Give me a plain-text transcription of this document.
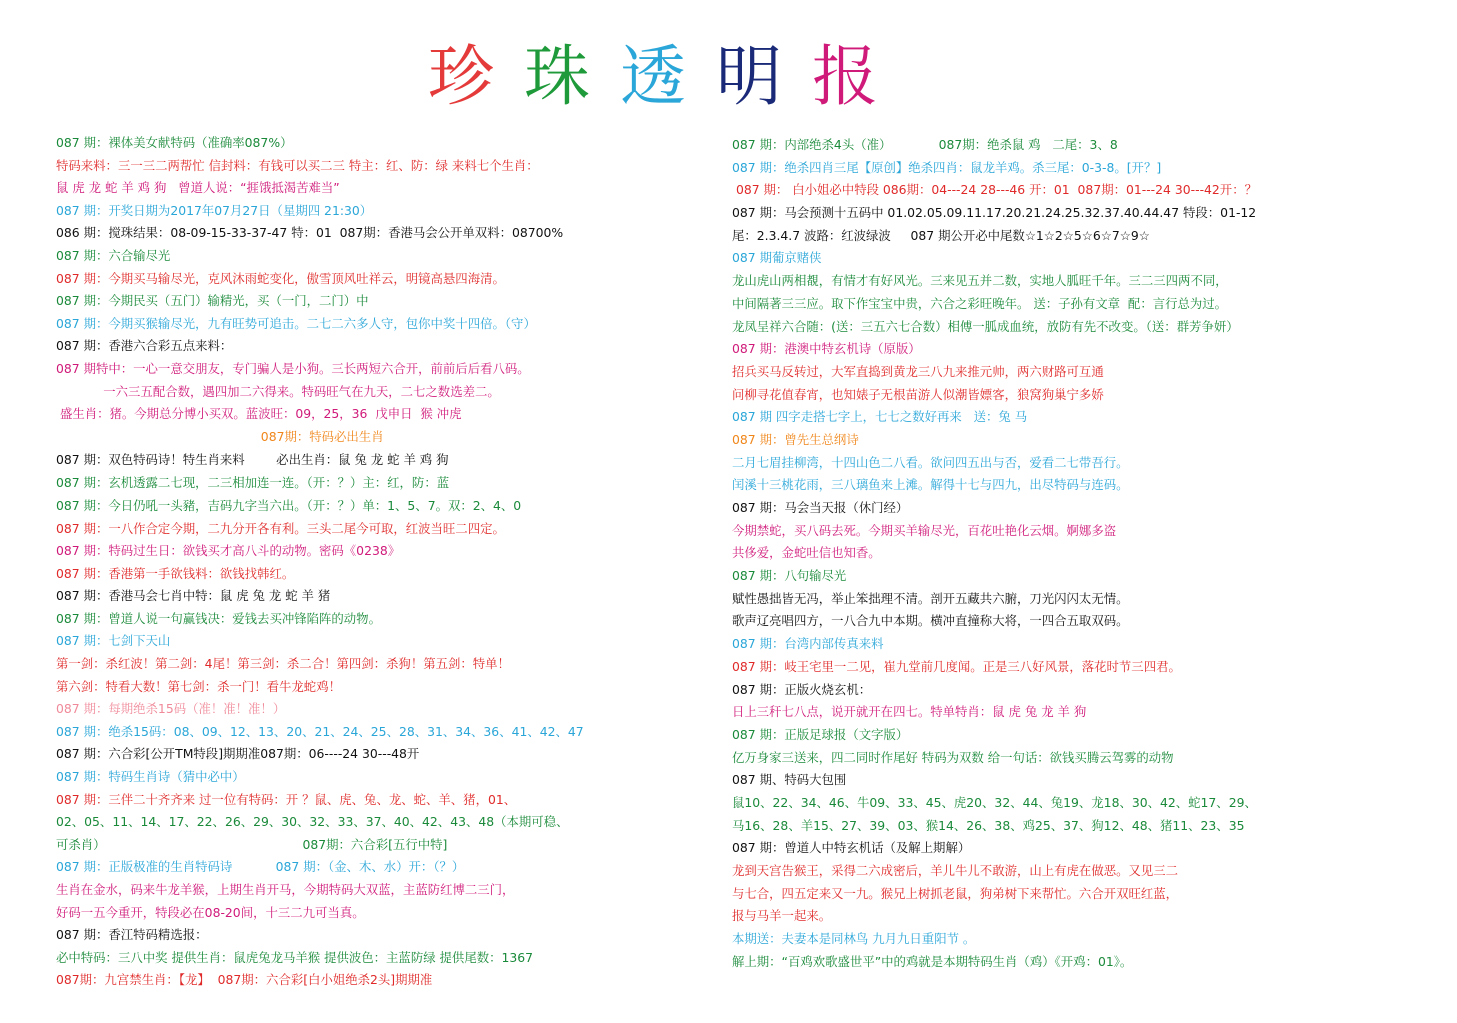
珍 珠 透 明 报
087 期：裸体美女献特码（准确率087%）
特码来料：三一三二两帮忙 信封料：有钱可以买二三 特主：红、防：绿 来料七个生肖：
鼠 虎 龙 蛇 羊 鸡 狗   曾道人说：“捱饿抵渴苦难当”
087 期：开奖日期为2017年07月27日（星期四 21:30）
086 期：搅珠结果：08-09-15-33-37-47 特：01  087期：香港马会公开单双料：08700%
087 期：六合输尽光
087 期：今期买马输尽光，克风沐雨蛇变化，傲雪顶风吐祥云，明镜高悬四海清。
087 期：今期民买（五门）输精光，买（一门，二门）中
087 期：今期买猴输尽光，九有旺势可追击。二七二六多人守，包你中奖十四倍。（守）
087 期：香港六合彩五点来料：
087 期特中：一心一意交朋友，专门骗人是小狗。三长两短六合开，前前后后看八码。
一六三五配合数，遇四加二六得来。特码旺气在九天，二七之数选差二。
盛生肖：猪。今期总分博小买双。蓝波旺：09，25，36  戊申日  猴 冲虎
087期：特码必出生肖
087 期：双色特码诗！特生肖来料        必出生肖：鼠 兔 龙 蛇 羊 鸡 狗
087 期：玄机透露二七现，二三相加连一连。（开：？）主：红，防：蓝
087 期：今日仍吼一头豬，吉码九字当六出。（开：？）单：1、5、7。双：2、4、0
087 期：一八作合定今期，二九分开各有利。三头二尾今可取，红波当旺二四定。
087 期：特码过生日：欲钱买才高八斗的动物。密码《0238》
087 期：香港第一手欲钱料：欲钱找韩红。
087 期：香港马会七肖中特：鼠 虎 兔 龙 蛇 羊 猪
087 期：曾道人说一句赢钱决：爱钱去买冲锋陷阵的动物。
087 期：七剑下天山
第一剑：杀红波！第二剑：4尾！第三剑：杀二合！第四剑：杀狗！第五剑：特单！
第六剑：特看大数！第七剑：杀一门！看牛龙蛇鸡！
087 期：每期绝杀15码（准！准！准！）
087 期：绝杀15码：08、09、12、13、20、21、24、25、28、31、34、36、41、42、47
087 期：六合彩[公开TM特段]期期准087期：06----24 30---48开
087 期：特码生肖诗（猜中必中）
087 期：三伴二十齐齐来 过一位有特码：开 ？鼠、虎、兔、龙、蛇、羊、猪，01、
02、05、11、14、17、22、26、29、30、32、33、37、40、42、43、48（本期可稳、
可杀肖）                                                  087期：六合彩[五行中特]
087 期：正版极准的生肖特码诗           087 期：（金、木、水）开：（？）
生肖在金水，码来牛龙羊猴，上期生肖开马，今期特码大双蓝，主蓝防红博二三门，
好码一五今重开，特段必在08-20间，十三二九可当真。
087 期：香江特码精选报：
必中特码：三八中奖 提供生肖：鼠虎兔龙马羊猴 提供波色：主蓝防绿 提供尾数：1367
087期：九宫禁生肖：【龙】  087期：六合彩[白小姐绝杀2头]期期准
087 期：内部绝杀4头（准）            087期：绝杀鼠 鸡   二尾：3、8
087 期：绝杀四肖三尾【原创】绝杀四肖：鼠龙羊鸡。杀三尾：0-3-8。[开？]
087 期： 白小姐必中特段 086期：04---24 28---46 开：01  087期：01---24 30---42开：？
087 期：马会预测十五码中 01.02.05.09.11.17.20.21.24.25.32.37.40.44.47 特段：01-12
尾：2.3.4.7 波路：红波绿波     087 期公开必中尾数☆1☆2☆5☆6☆7☆9☆
087 期葡京赌侠
龙山虎山两相覩，有情才有好风光。三来见五并二数，实地人胍旺千年。三二三四两不同，
中间隔著三三应。取下作宝宝中贵，六合之彩旺晚年。 送：子孙有文章  配：言行总为过。
龙凤呈祥六合随：(送：三五六七合数）相傅一胍成血统，放防有先不改变。（送：群芳争妍）
087 期：港澳中特玄机诗（原版）
招兵买马反转过，大军直捣到黄龙三八九来推元帅，两六财路可互通
问柳寻花值春宵，也知婊子无根苗游人似潮皆嫖客，狼窝狗巢宁多娇
087 期 四字走搭七字上，七七之数好再来   送：兔 马
087 期：曾先生总纲诗
二月七眉挂柳湾，十四山色二八看。欲问四五出与否，爱看二七带吾行。
闰溪十三桃花雨，三八璃鱼来上滩。解得十七与四九，出尽特码与连码。
087 期：马会当天报（休门经）
今期禁蛇，买八码去死。今期买羊输尽光，百花吐艳化云烟。婀娜多盗
共侈爱，金蛇吐信也知香。
087 期：八句输尽光
赋性愚拙皆无冯，举止笨拙理不清。剖开五藏共六腑，刀光闪闪太无情。
歌声辽亮唱四方，一八合九中本期。横冲直撞称大将，一四合五取双码。
087 期：台湾内部传真来料
087 期：岐王宅里一二见，崔九堂前几度闻。正是三八好风景，落花时节三四君。
087 期：正版火烧玄机：
日上三秆七八点，说开就开在四七。特单特肖：鼠 虎 兔 龙 羊 狗
087 期：正版足球报（文字版）
亿万身家三送来，四二同时作尾好 特码为双数 给一句话：欲钱买腾云驾雾的动物
087 期、特码大包围
鼠10、22、34、46、牛09、33、45、虎20、32、44、兔19、龙18、30、42、蛇17、29、
马16、28、羊15、27、39、03、猴14、26、38、鸡25、37、狗12、48、猪11、23、35
087 期：曾道人中特玄机话（及解上期解）
龙到天宫告猴王，采得二六成密后，羊儿牛儿不敢游，山上有虎在做恶。又见三二
与七合，四五定来又一九。猴兄上树抓老鼠，狗弟树下来帮忙。六合开双旺红蓝，
报与马羊一起来。
本期送：夫妻本是同林鸟 九月九日重阳节 。
解上期：“百鸡欢歌盛世平”中的鸡就是本期特码生肖（鸡）《开鸡：01》。
